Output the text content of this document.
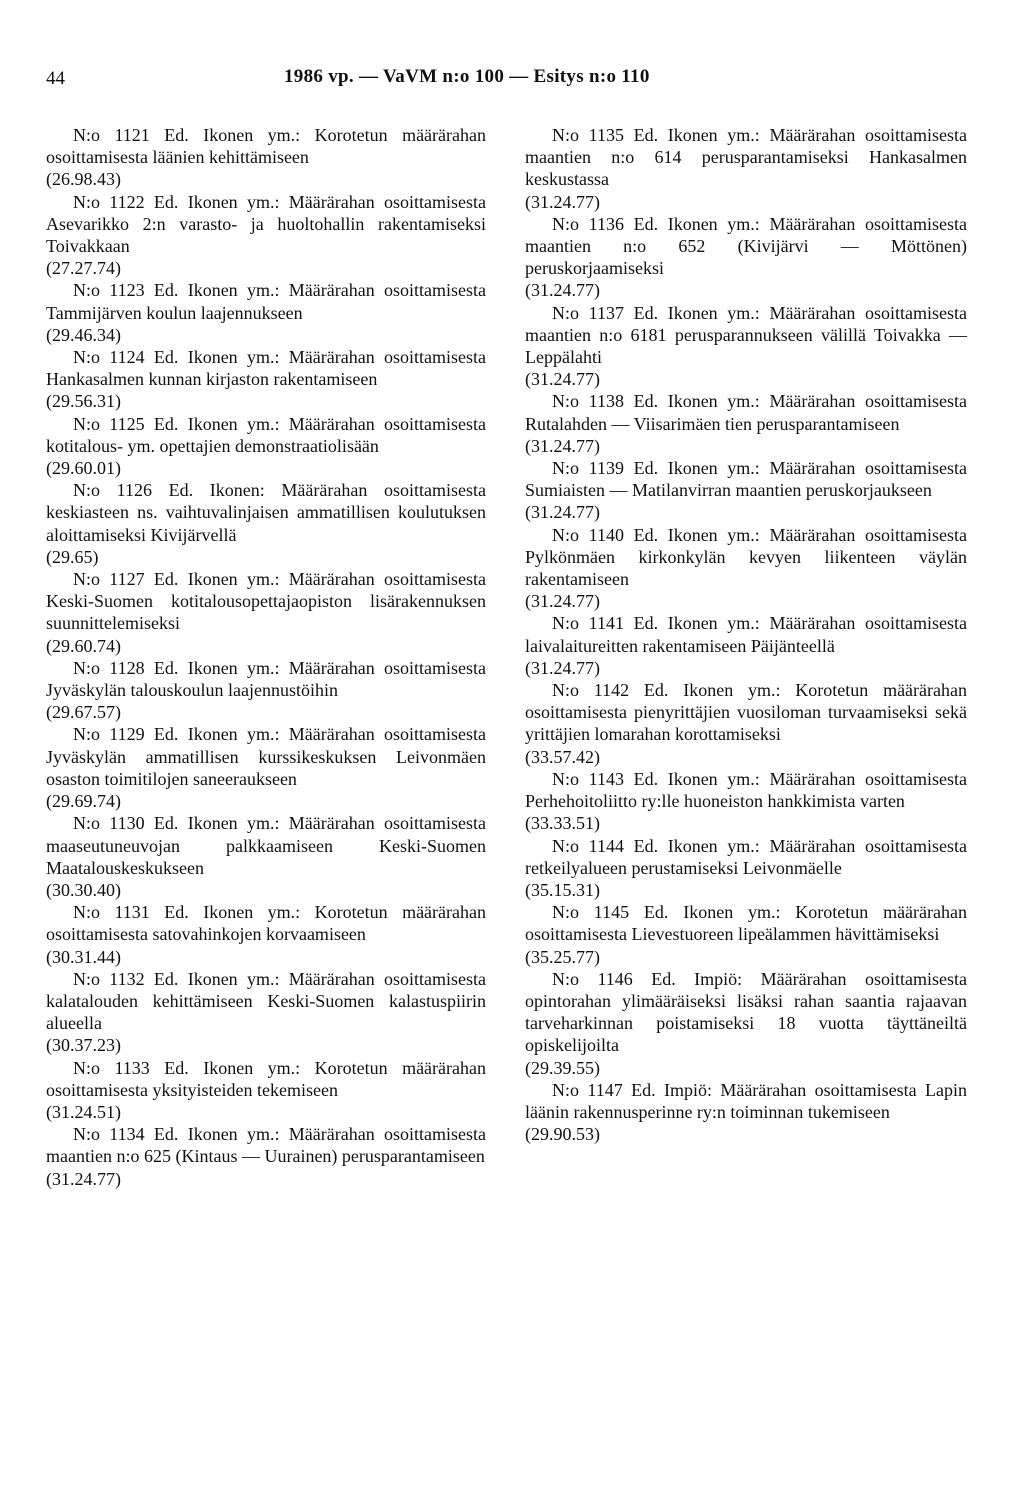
44	1986 vp. — VaVM n:o 100 — Esitys n:o 110
N:o 1121 Ed. Ikonen ym.: Korotetun määrärahan osoittamisesta läänien kehittämiseen
(26.98.43)
N:o 1122 Ed. Ikonen ym.: Määrärahan osoittamisesta Asevarikko 2:n varasto- ja huoltohallin rakentamiseksi Toivakkaan
(27.27.74)
N:o 1123 Ed. Ikonen ym.: Määrärahan osoittamisesta Tammijärven koulun laajennukseen
(29.46.34)
N:o 1124 Ed. Ikonen ym.: Määrärahan osoittamisesta Hankasalmen kunnan kirjaston rakentamiseen
(29.56.31)
N:o 1125 Ed. Ikonen ym.: Määrärahan osoittamisesta kotitalous- ym. opettajien demonstraatiolisään
(29.60.01)
N:o 1126 Ed. Ikonen: Määrärahan osoittamisesta keskiasteen ns. vaihtuvalinjaisen ammatillisen koulutuksen aloittamiseksi Kivijärvellä
(29.65)
N:o 1127 Ed. Ikonen ym.: Määrärahan osoittamisesta Keski-Suomen kotitalousopettajaopiston lisärakennuksen suunnittelemiseksi
(29.60.74)
N:o 1128 Ed. Ikonen ym.: Määrärahan osoittamisesta Jyväskylän talouskoulun laajennustöihin
(29.67.57)
N:o 1129 Ed. Ikonen ym.: Määrärahan osoittamisesta Jyväskylän ammatillisen kurssikeskuksen Leivonmäen osaston toimitilojen saneeraukseen
(29.69.74)
N:o 1130 Ed. Ikonen ym.: Määrärahan osoittamisesta maaseutuneuvojan palkkaamiseen Keski-Suomen Maatalouskeskukseen
(30.30.40)
N:o 1131 Ed. Ikonen ym.: Korotetun määrärahan osoittamisesta satovahinkojen korvaamiseen
(30.31.44)
N:o 1132 Ed. Ikonen ym.: Määrärahan osoittamisesta kalatalouden kehittämiseen Keski-Suomen kalastuspiirin alueella
(30.37.23)
N:o 1133 Ed. Ikonen ym.: Korotetun määrärahan osoittamisesta yksityisteiden tekemiseen
(31.24.51)
N:o 1134 Ed. Ikonen ym.: Määrärahan osoittamisesta maantien n:o 625 (Kintaus — Uurainen) perusparantamiseen
(31.24.77)
N:o 1135 Ed. Ikonen ym.: Määrärahan osoittamisesta maantien n:o 614 perusparantamiseksi Hankasalmen keskustassa
(31.24.77)
N:o 1136 Ed. Ikonen ym.: Määrärahan osoittamisesta maantien n:o 652 (Kivijärvi — Möttönen) peruskorjaamiseksi
(31.24.77)
N:o 1137 Ed. Ikonen ym.: Määrärahan osoittamisesta maantien n:o 6181 perusparannukseen välillä Toivakka — Leppälahti
(31.24.77)
N:o 1138 Ed. Ikonen ym.: Määrärahan osoittamisesta Rutalahden — Viisarimäen tien perusparantamiseen
(31.24.77)
N:o 1139 Ed. Ikonen ym.: Määrärahan osoittamisesta Sumiaisten — Matilanvirran maantien peruskorjaukseen
(31.24.77)
N:o 1140 Ed. Ikonen ym.: Määrärahan osoittamisesta Pylkönmäen kirkonkylän kevyen liikenteen väylän rakentamiseen
(31.24.77)
N:o 1141 Ed. Ikonen ym.: Määrärahan osoittamisesta laivalaitureitten rakentamiseen Päijänteellä
(31.24.77)
N:o 1142 Ed. Ikonen ym.: Korotetun määrärahan osoittamisesta pienyrittäjien vuosiloman turvaamiseksi sekä yrittäjien lomarahan korottamiseksi
(33.57.42)
N:o 1143 Ed. Ikonen ym.: Määrärahan osoittamisesta Perhehoitoliitto ry:lle huoneiston hankkimista varten
(33.33.51)
N:o 1144 Ed. Ikonen ym.: Määrärahan osoittamisesta retkeilyalueen perustamiseksi Leivonmäelle
(35.15.31)
N:o 1145 Ed. Ikonen ym.: Korotetun määrärahan osoittamisesta Lievestuoreen lipeälammen hävittämiseksi
(35.25.77)
N:o 1146 Ed. Impiö: Määrärahan osoittamisesta opintorahan ylimääräiseksi lisäksi rahan saantia rajaavan tarveharkinnan poistamiseksi 18 vuotta täyttäneiltä opiskelijoilta
(29.39.55)
N:o 1147 Ed. Impiö: Määrärahan osoittamisesta Lapin läänin rakennusperinne ry:n toiminnan tukemiseen
(29.90.53)
